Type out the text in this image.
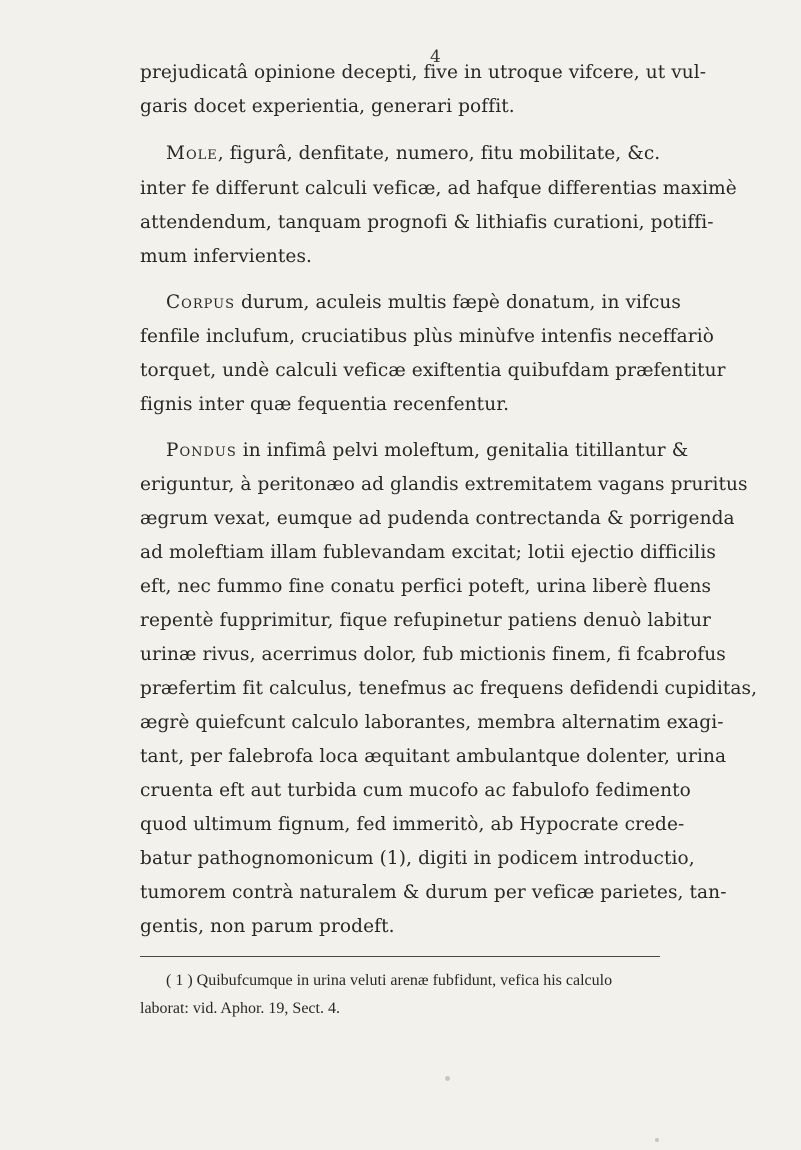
4
prejudicatâ opinione decepti, five in utroque vifcere, ut vul-
garis docet experientia, generari poffit.
Mole, figurâ, denfitate, numero, fitu mobilitate, &c.
inter fe differunt calculi veficæ, ad hafque differentias maximè
attendendum, tanquam prognofi & lithiafis curationi, potiffi-
mum infervientes.
Corpus durum, aculeis multis fæpè donatum, in vifcus
fenfile inclufum, cruciatibus plùs minùfve intenfis neceffariò
torquet, undè calculi veficæ exiftentia quibufdam præfentitur
fignis inter quæ fequentia recenfentur.
Pondus in infimâ pelvi moleftum, genitalia titillantur &
eriguntur, à peritonæo ad glandis extremitatem vagans pruritus
ægrum vexat, eumque ad pudenda contrectanda & porrigenda
ad moleftiam illam fublevandam excitat; lotii ejectio difficilis
eft, nec fummo fine conatu perfici poteft, urina liberè fluens
repentè fupprimitur, fique refupinetur patiens denuò labitur
urinæ rivus, acerrimus dolor, fub mictionis finem, fi fcabrofus
præfertim fit calculus, tenefmus ac frequens defidendi cupiditas,
ægrè quiefcunt calculo laborantes, membra alternatim exagi-
tant, per falebrofa loca æquitant ambulantque dolenter, urina
cruenta eft aut turbida cum mucofo ac fabulofo fedimento
quod ultimum fignum, fed immeritò, ab Hypocrate crede-
batur pathognomonicum (1), digiti in podicem introductio,
tumorem contrà naturalem & durum per veficæ parietes, tan-
gentis, non parum prodeft.
( 1 ) Quibufcumque in urina veluti arenæ fubfidunt, vefica his calculo
laborat: vid. Aphor. 19, Sect. 4.
